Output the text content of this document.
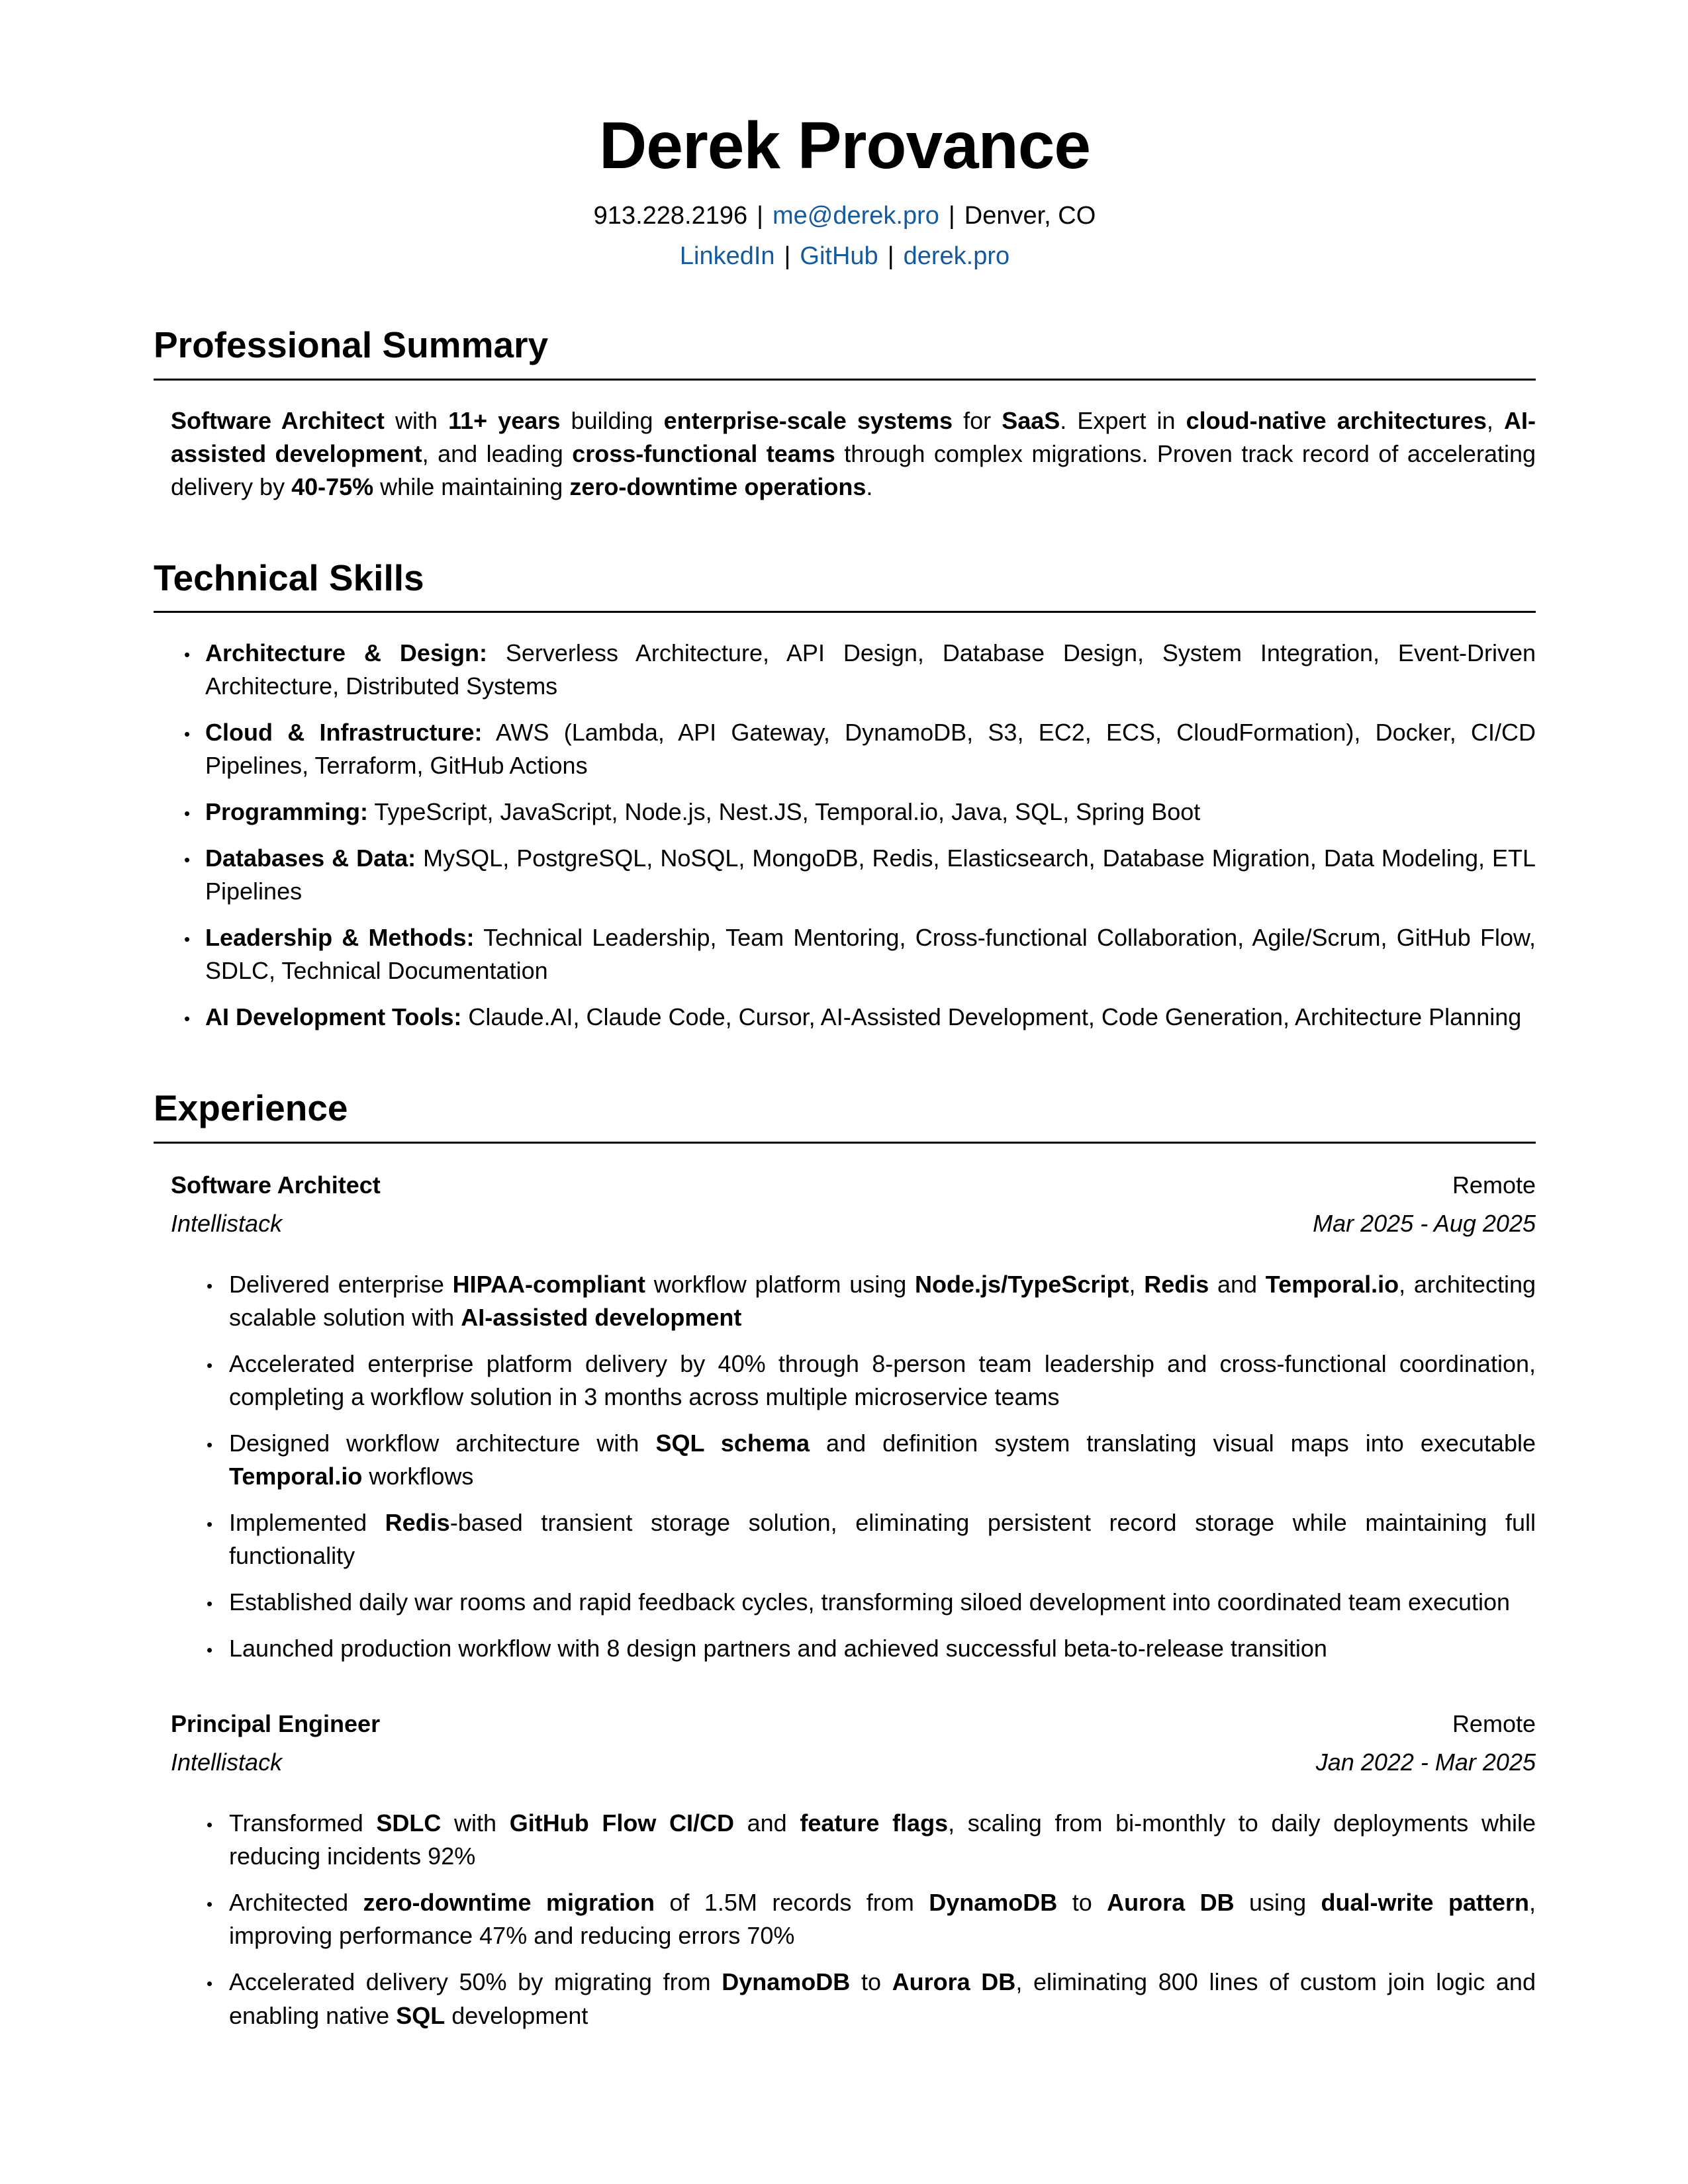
Derek Provance
913.228.2196 | me@derek.pro | Denver, CO
LinkedIn | GitHub | derek.pro
Professional Summary

Software Architect with 11+ years building enterprise-scale systems for SaaS. Expert in cloud-native architectures, AI-assisted development, and leading cross-functional teams through complex migrations. Proven track record of accelerating delivery by 40-75% while maintaining zero-downtime operations.

Technical Skills
• Architecture & Design: Serverless Architecture, API Design, Database Design, System Integration, Event-Driven Architecture, Distributed Systems
• Cloud & Infrastructure: AWS (Lambda, API Gateway, DynamoDB, S3, EC2, ECS, CloudFormation), Docker, CI/CD Pipelines, Terraform, GitHub Actions
• Programming: TypeScript, JavaScript, Node.js, Nest.JS, Temporal.io, Java, SQL, Spring Boot
• Databases & Data: MySQL, PostgreSQL, NoSQL, MongoDB, Redis, Elasticsearch, Database Migration, Data Modeling, ETL Pipelines
• Leadership & Methods: Technical Leadership, Team Mentoring, Cross-functional Collaboration, Agile/Scrum, GitHub Flow, SDLC, Technical Documentation
• AI Development Tools: Claude.AI, Claude Code, Cursor, AI-Assisted Development, Code Generation, Architecture Planning
Experience
Software Architect	Remote
Intellistack	Mar 2025 - Aug 2025
• Delivered enterprise HIPAA-compliant workflow platform using Node.js/TypeScript, Redis and Temporal.io, architecting scalable solution with AI-assisted development
• Accelerated enterprise platform delivery by 40% through 8-person team leadership and cross-functional coordination, completing a workflow solution in 3 months across multiple microservice teams
• Designed workflow architecture with SQL schema and definition system translating visual maps into executable Temporal.io workflows
• Implemented Redis-based transient storage solution, eliminating persistent record storage while maintaining full functionality
• Established daily war rooms and rapid feedback cycles, transforming siloed development into coordinated team execution
• Launched production workflow with 8 design partners and achieved successful beta-to-release transition
Principal Engineer	Remote
Intellistack	Jan 2022 - Mar 2025
• Transformed SDLC with GitHub Flow CI/CD and feature flags, scaling from bi-monthly to daily deployments while reducing incidents 92%
• Architected zero-downtime migration of 1.5M records from DynamoDB to Aurora DB using dual-write pattern, improving performance 47% and reducing errors 70%
• Accelerated delivery 50% by migrating from DynamoDB to Aurora DB, eliminating 800 lines of custom join logic and enabling native SQL development
